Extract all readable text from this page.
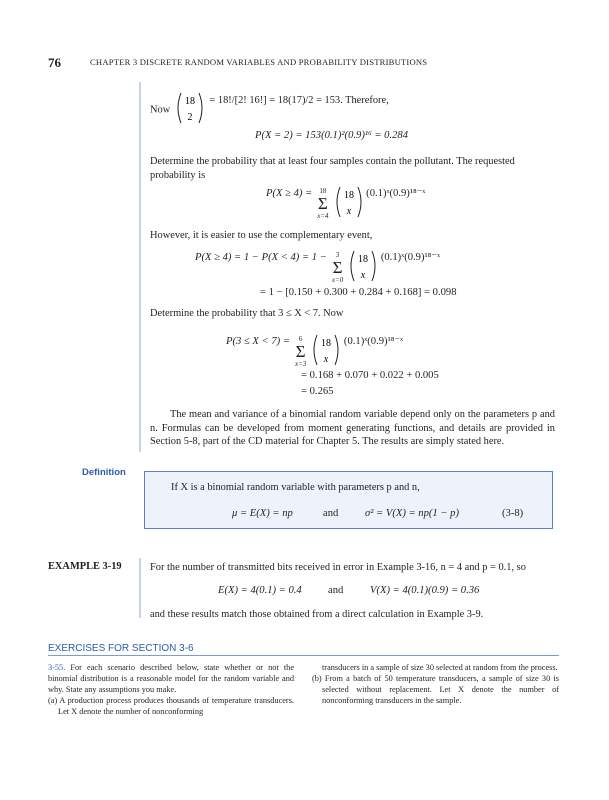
76	CHAPTER 3 DISCRETE RANDOM VARIABLES AND PROBABILITY DISTRIBUTIONS
Now
18
2
= 18!/[2! 16!] = 18(17)/2 = 153. Therefore,
P(X = 2) = 153(0.1)²(0.9)¹⁶ = 0.284
Determine the probability that at least four samples contain the pollutant. The requested probability is
P(X ≥ 4) =	18
Σ
x=4

18
x
(0.1)ˣ(0.9)¹⁸⁻ˣ
However, it is easier to use the complementary event,
P(X ≥ 4) = 1 − P(X < 4) = 1 −	3
Σ
x=0

18
x
(0.1)ˣ(0.9)¹⁸⁻ˣ
= 1 − [0.150 + 0.300 + 0.284 + 0.168] = 0.098
Determine the probability that 3 ≤ X < 7. Now
P(3 ≤ X < 7) =	6
Σ
x=3

18
x
(0.1)ˣ(0.9)¹⁸⁻ˣ
= 0.168 + 0.070 + 0.022 + 0.005
= 0.265
The mean and variance of a binomial random variable depend only on the parameters p and n. Formulas can be developed from moment generating functions, and details are provided in Section 5-8, part of the CD material for Chapter 5. The results are simply stated here.
Definition
If X is a binomial random variable with parameters p and n,
μ = E(X) = np	and	σ² = V(X) = np(1 − p)	(3-8)
EXAMPLE 3-19	For the number of transmitted bits received in error in Example 3-16, n = 4 and p = 0.1, so
E(X) = 4(0.1) = 0.4 and	V(X) = 4(0.1)(0.9) = 0.36
and these results match those obtained from a direct calculation in Example 3-9.
EXERCISES FOR SECTION 3-6
3-55. For each scenario described below, state whether or not the binomial distribution is a reasonable model for the random variable and why. State any assumptions you make.
(a) A production process produces thousands of temperature transducers. Let X denote the number of nonconforming
transducers in a sample of size 30 selected at random from the process.
(b) From a batch of 50 temperature transducers, a sample of size 30 is selected without replacement. Let X denote the number of nonconforming transducers in the sample.
